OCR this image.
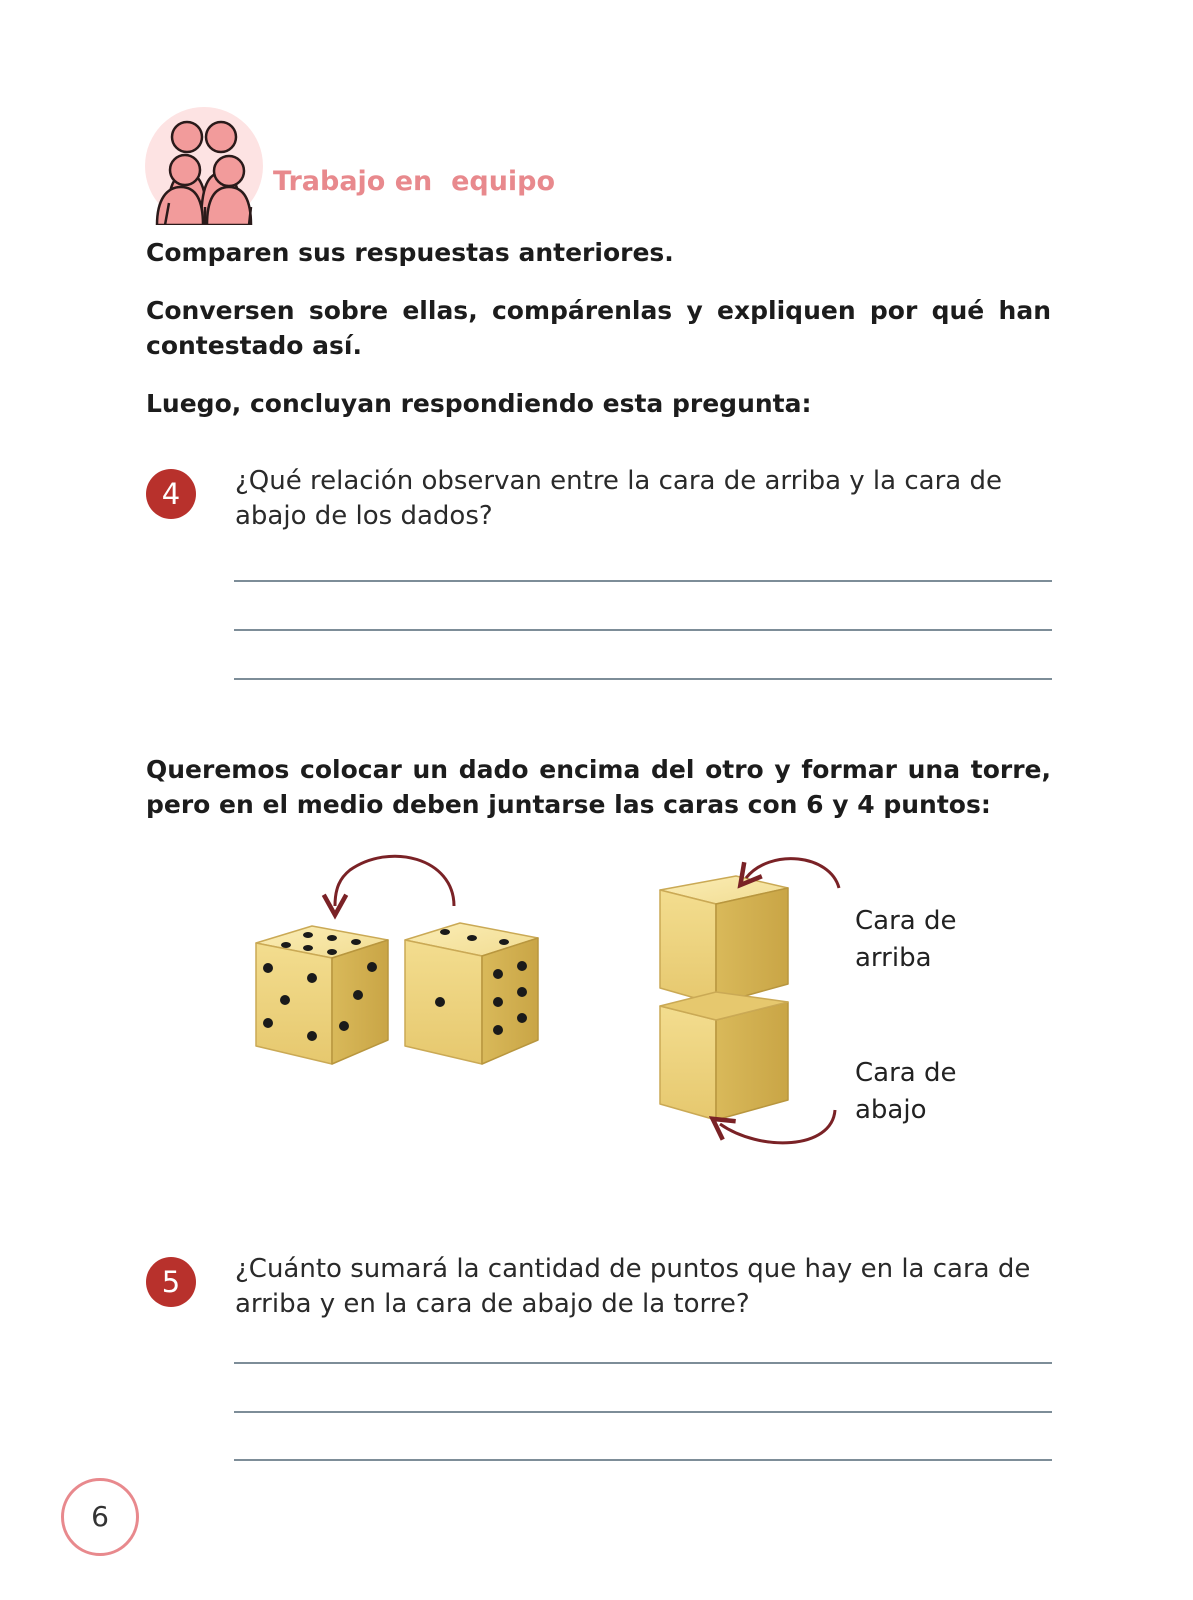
Trabajo en  equipo
Comparen sus respuestas anteriores.
Conversen sobre ellas, compárenlas y expliquen por qué han contestado así.
Luego, concluyan respondiendo esta pregunta:
4	¿Qué relación observan entre la cara de arriba y la cara de abajo de los dados?
Queremos colocar un dado encima del otro y formar una torre, pero en el medio deben juntarse las caras con 6 y 4 puntos:
Cara de arriba
Cara de abajo
5	¿Cuánto sumará la cantidad de puntos que hay en la cara de arriba y en la cara de abajo de la torre?
6
